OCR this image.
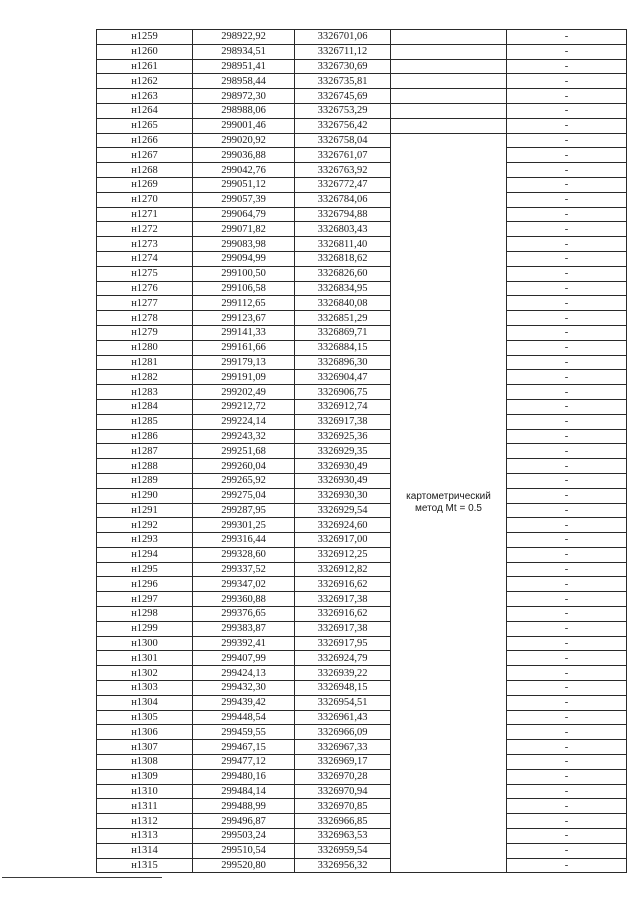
н1259	298922,92	3326701,06		-
н1260	298934,51	3326711,12		-
н1261	298951,41	3326730,69		-
н1262	298958,44	3326735,81		-
н1263	298972,30	3326745,69		-
н1264	298988,06	3326753,29		-
н1265	299001,46	3326756,42		-
н1266	299020,92	3326758,04	картометрический метод Mt = 0.5	-
н1267	299036,88	3326761,07		-
н1268	299042,76	3326763,92		-
н1269	299051,12	3326772,47		-
н1270	299057,39	3326784,06		-
н1271	299064,79	3326794,88		-
н1272	299071,82	3326803,43		-
н1273	299083,98	3326811,40		-
н1274	299094,99	3326818,62		-
н1275	299100,50	3326826,60		-
н1276	299106,58	3326834,95		-
н1277	299112,65	3326840,08		-
н1278	299123,67	3326851,29		-
н1279	299141,33	3326869,71		-
н1280	299161,66	3326884,15		-
н1281	299179,13	3326896,30		-
н1282	299191,09	3326904,47		-
н1283	299202,49	3326906,75		-
н1284	299212,72	3326912,74		-
н1285	299224,14	3326917,38		-
н1286	299243,32	3326925,36		-
н1287	299251,68	3326929,35		-
н1288	299260,04	3326930,49		-
н1289	299265,92	3326930,49		-
н1290	299275,04	3326930,30		-
н1291	299287,95	3326929,54		-
н1292	299301,25	3326924,60		-
н1293	299316,44	3326917,00		-
н1294	299328,60	3326912,25		-
н1295	299337,52	3326912,82		-
н1296	299347,02	3326916,62		-
н1297	299360,88	3326917,38		-
н1298	299376,65	3326916,62		-
н1299	299383,87	3326917,38		-
н1300	299392,41	3326917,95		-
н1301	299407,99	3326924,79		-
н1302	299424,13	3326939,22		-
н1303	299432,30	3326948,15		-
н1304	299439,42	3326954,51		-
н1305	299448,54	3326961,43		-
н1306	299459,55	3326966,09		-
н1307	299467,15	3326967,33		-
н1308	299477,12	3326969,17		-
н1309	299480,16	3326970,28		-
н1310	299484,14	3326970,94		-
н1311	299488,99	3326970,85		-
н1312	299496,87	3326966,85		-
н1313	299503,24	3326963,53		-
н1314	299510,54	3326959,54		-
н1315	299520,80	3326956,32		-
